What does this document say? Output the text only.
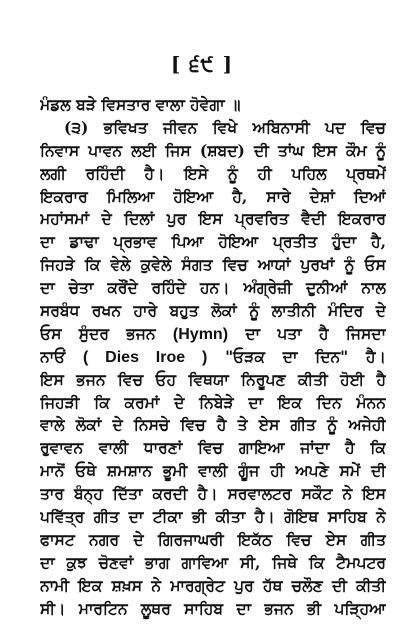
[ ੬੯ ]
ਮੰਡਲ ਬੜੇ ਵਿਸਤਾਰ ਵਾਲਾ ਹੋਵੇਗਾ ॥
(੩) ਭਵਿਖਤ ਜੀਵਨ ਵਿਖੇ ਅਬਿਨਾਸੀ ਪਦ ਵਿਚ
ਨਿਵਾਸ ਪਾਵਨ ਲਈ ਜਿਸ (ਸ਼ਬਦ) ਦੀ ਤਾਂਘ ਇਸ ਕੌਮ ਨੂੰ
ਲਗੀ ਰਹਿੰਦੀ ਹੈ। ਇਸੇ ਨੂੰ ਹੀ ਪਹਿਲ ਪ੍ਰਥਮੇਂ
ਇਕਰਾਰ ਮਿਲਿਆ ਹੋਇਆ ਹੈ, ਸਾਰੇ ਦੇਸ਼ਾਂ ਦਿਆਂ
ਮਹਾਂਸਮਾਂ ਦੇ ਦਿਲਾਂ ਪੁਰ ਇਸ ਪ੍ਰਵਰਿਤ ਵੈਦੀ ਇਕਰਾਰ
ਦਾ ਡਾਢਾ ਪ੍ਰਭਾਵ ਪਿਆ ਹੋਇਆ ਪ੍ਰਤੀਤ ਹੁੰਦਾ ਹੈ,
ਜਿਹੜੇ ਕਿ ਵੇਲੇ ਕੁਵੇਲੇ ਸੰਗਤ ਵਿਚ ਆਯਾਂ ਪੁਰਖਾਂ ਨੂੰ ਓਸ
ਦਾ ਚੇਤਾ ਕਰੌਂਦੇ ਰਹਿੰਦੇ ਹਨ। ਅੰਗ੍ਰੇਜ਼ੀ ਦੁਨੀਆਂ ਨਾਲ
ਸਰਬੰਧ ਰਖਨ ਹਾਰੇ ਬਹੁਤ ਲੋਕਾਂ ਨੂੰ ਲਾਤੀਨੀ ਮੰਦਿਰ ਦੇ
ਓਸ ਸੁੰਦਰ ਭਜਨ (Hymn) ਦਾ ਪਤਾ ਹੈ ਜਿਸਦਾ
ਨਾਓਂ ( Dies Iroe ) "ਓੜਕ ਦਾ ਦਿਨ" ਹੈ।
ਇਸ ਭਜਨ ਵਿਚ ਓਹ ਵਿਥਯਾ ਨਿਰੂਪਣ ਕੀਤੀ ਹੋਈ ਹੈ
ਜਿਹੜੀ ਕਿ ਕਰਮਾਂ ਦੇ ਨਿਬੇੜੇ ਦਾ ਇਕ ਦਿਨ ਮੰਨਨ
ਵਾਲੇ ਲੋਕਾਂ ਦੇ ਨਿਸਚੇ ਵਿਚ ਹੈ ਤੇ ਏਸ ਗੀਤ ਨੂੰ ਅਜੇਹੀ
ਰੁਵਾਵਨ ਵਾਲੀ ਧਾਰਣਾਂ ਵਿਚ ਗਾਇਆ ਜਾਂਦਾ ਹੈ ਕਿ
ਮਾਨੋਂ ਓਥੇ ਸ਼ਮਸ਼ਾਨ ਭੂਮੀ ਵਾਲੀ ਗੂੰਜ ਹੀ ਅਪਣੇ ਸਮੇਂ ਦੀ
ਤਾਰ ਬੰਨ੍ਹ ਦਿੱਤਾ ਕਰਦੀ ਹੈ। ਸਰਵਾਲਟਰ ਸਕੌਟ ਨੇ ਇਸ
ਪਵਿੱਤ੍ਰ ਗੀਤ ਦਾ ਟੀਕਾ ਭੀ ਕੀਤਾ ਹੈ। ਗੋਇਥ ਸਾਹਿਬ ਨੇ
ਫਾਸਟ ਨਗਰ ਦੇ ਗਿਰਜਾਘਰੀ ਇਕੱਠ ਵਿਚ ਏਸ ਗੀਤ
ਦਾ ਕੁਝ ਚੋਣਵਾਂ ਭਾਗ ਗਾਵਿਆ ਸੀ, ਜਿਥੇ ਕਿ ਟੈਮਪਟਰ
ਨਾਮੀ ਇਕ ਸ਼ਖ਼ਸ ਨੇ ਮਾਰਗ੍ਰੇਟ ਪੁਰ ਹੱਥ ਚਲੌਣ ਦੀ ਕੀਤੀ
ਸੀ। ਮਾਰਟਿਨ ਲੂਥਰ ਸਾਹਿਬ ਦਾ ਭਜਨ ਭੀ ਪੜ੍ਹਿਆ
